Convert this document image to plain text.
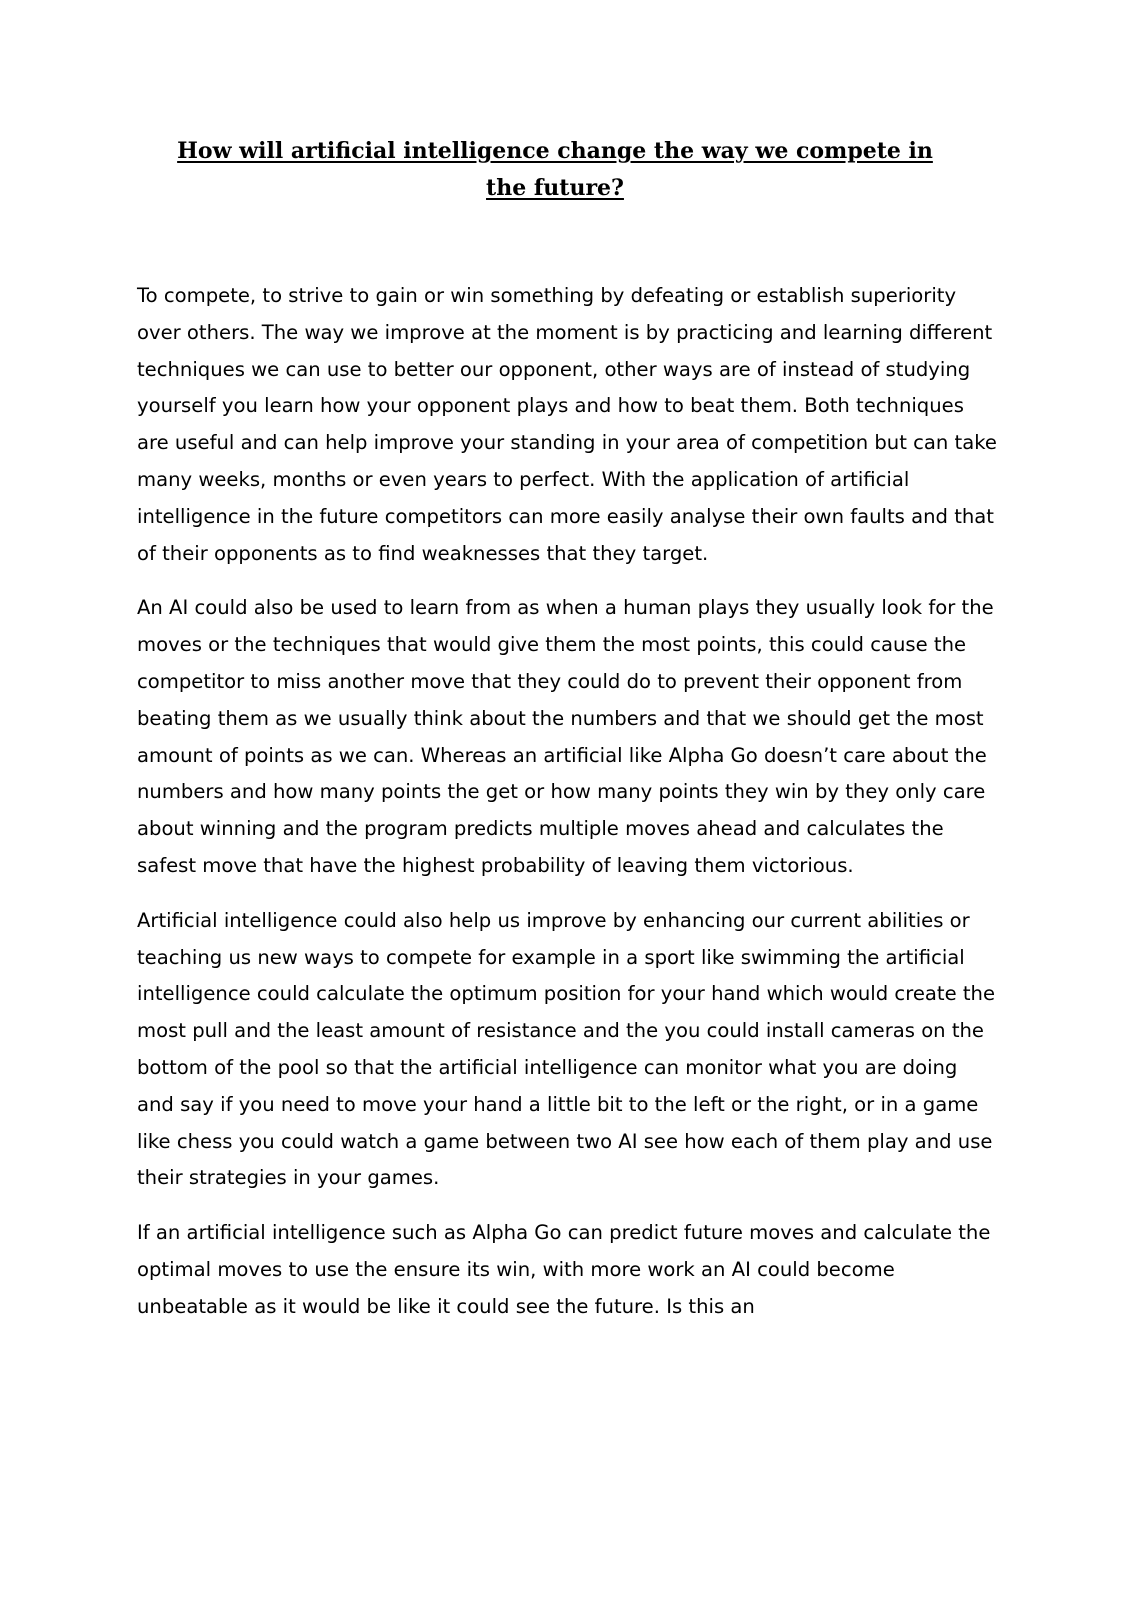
How will artificial intelligence change the way we compete in the future?

To compete, to strive to gain or win something by defeating or establish superiority over others. The way we improve at the moment is by practicing and learning different techniques we can use to better our opponent, other ways are of instead of studying yourself you learn how your opponent plays and how to beat them. Both techniques are useful and can help improve your standing in your area of competition but can take many weeks, months or even years to perfect. With the application of artificial intelligence in the future competitors can more easily analyse their own faults and that of their opponents as to find weaknesses that they target.

An AI could also be used to learn from as when a human plays they usually look for the moves or the techniques that would give them the most points, this could cause the competitor to miss another move that they could do to prevent their opponent from beating them as we usually think about the numbers and that we should get the most amount of points as we can. Whereas an artificial like Alpha Go doesn’t care about the numbers and how many points the get or how many points they win by they only care about winning and the program predicts multiple moves ahead and calculates the safest move that have the highest probability of leaving them victorious.

Artificial intelligence could also help us improve by enhancing our current abilities or teaching us new ways to compete for example in a sport like swimming the artificial intelligence could calculate the optimum position for your hand which would create the most pull and the least amount of resistance and the you could install cameras on the bottom of the pool so that the artificial intelligence can monitor what you are doing and say if you need to move your hand a little bit to the left or the right, or in a game like chess you could watch a game between two AI see how each of them play and use their strategies in your games.

If an artificial intelligence such as Alpha Go can predict future moves and calculate the optimal moves to use the ensure its win, with more work an AI could become unbeatable as it would be like it could see the future. Is this an
